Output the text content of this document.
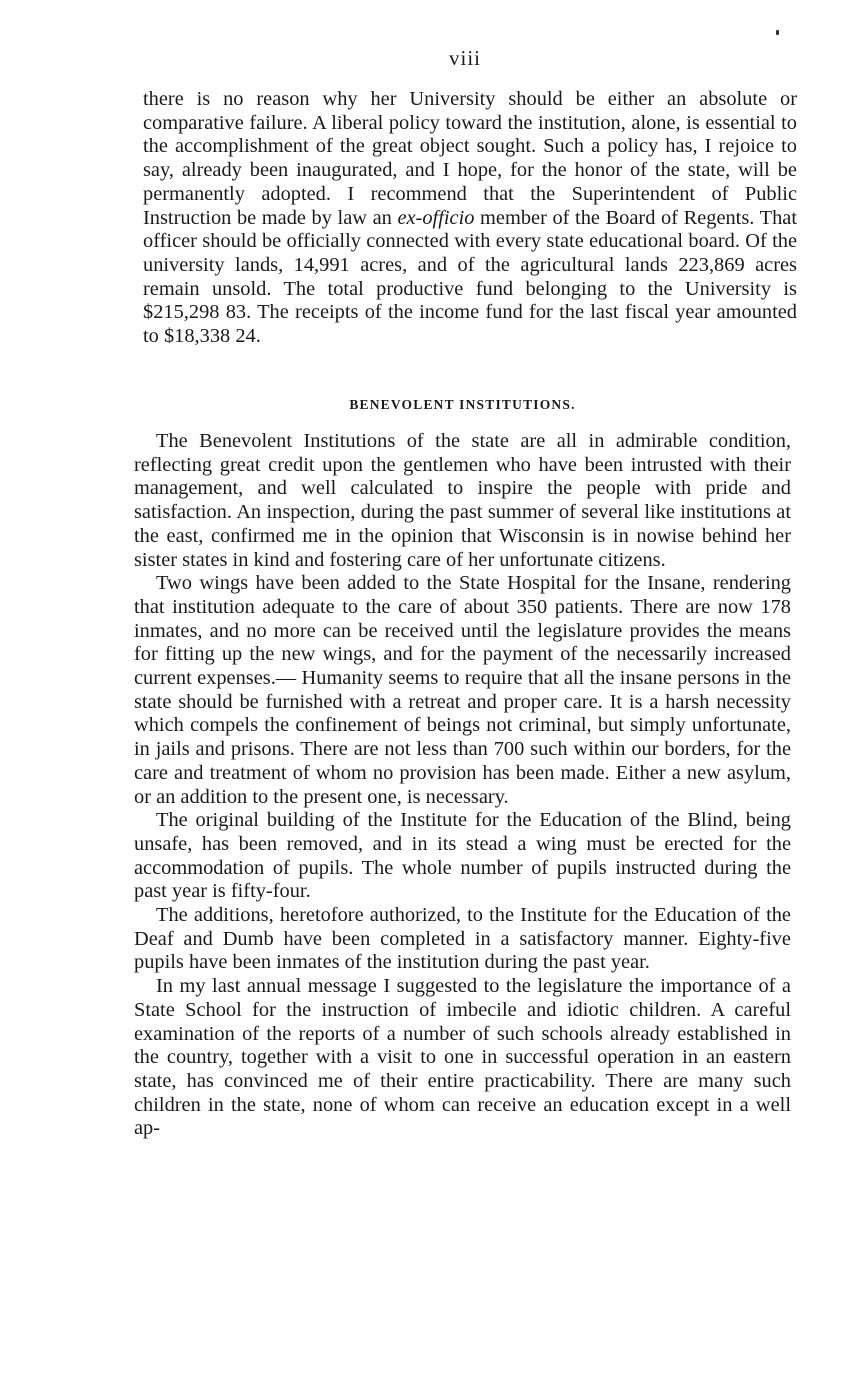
viii

there is no reason why her University should be either an absolute or comparative failure. A liberal policy toward the institution, alone, is essential to the accomplishment of the great object sought. Such a policy has, I rejoice to say, already been inaugurated, and I hope, for the honor of the state, will be permanently adopted. I recommend that the Superintendent of Public Instruction be made by law an ex-officio member of the Board of Regents. That officer should be officially connected with every state educational board. Of the university lands, 14,991 acres, and of the agricultural lands 223,869 acres remain unsold. The total productive fund belonging to the University is $215,298 83. The receipts of the income fund for the last fiscal year amounted to $18,338 24.

BENEVOLENT INSTITUTIONS.

The Benevolent Institutions of the state are all in admirable condition, reflecting great credit upon the gentlemen who have been intrusted with their management, and well calculated to inspire the people with pride and satisfaction. An inspection, during the past summer of several like institutions at the east, confirmed me in the opinion that Wisconsin is in nowise behind her sister states in kind and fostering care of her unfortunate citizens.

Two wings have been added to the State Hospital for the Insane, rendering that institution adequate to the care of about 350 patients. There are now 178 inmates, and no more can be received until the legislature provides the means for fitting up the new wings, and for the payment of the necessarily increased current expenses.— Humanity seems to require that all the insane persons in the state should be furnished with a retreat and proper care. It is a harsh necessity which compels the confinement of beings not criminal, but simply unfortunate, in jails and prisons. There are not less than 700 such within our borders, for the care and treatment of whom no provision has been made. Either a new asylum, or an addition to the present one, is necessary.

The original building of the Institute for the Education of the Blind, being unsafe, has been removed, and in its stead a wing must be erected for the accommodation of pupils. The whole number of pupils instructed during the past year is fifty-four.

The additions, heretofore authorized, to the Institute for the Education of the Deaf and Dumb have been completed in a satisfactory manner. Eighty-five pupils have been inmates of the institution during the past year.

In my last annual message I suggested to the legislature the importance of a State School for the instruction of imbecile and idiotic children. A careful examination of the reports of a number of such schools already established in the country, together with a visit to one in successful operation in an eastern state, has convinced me of their entire practicability. There are many such children in the state, none of whom can receive an education except in a well ap-
